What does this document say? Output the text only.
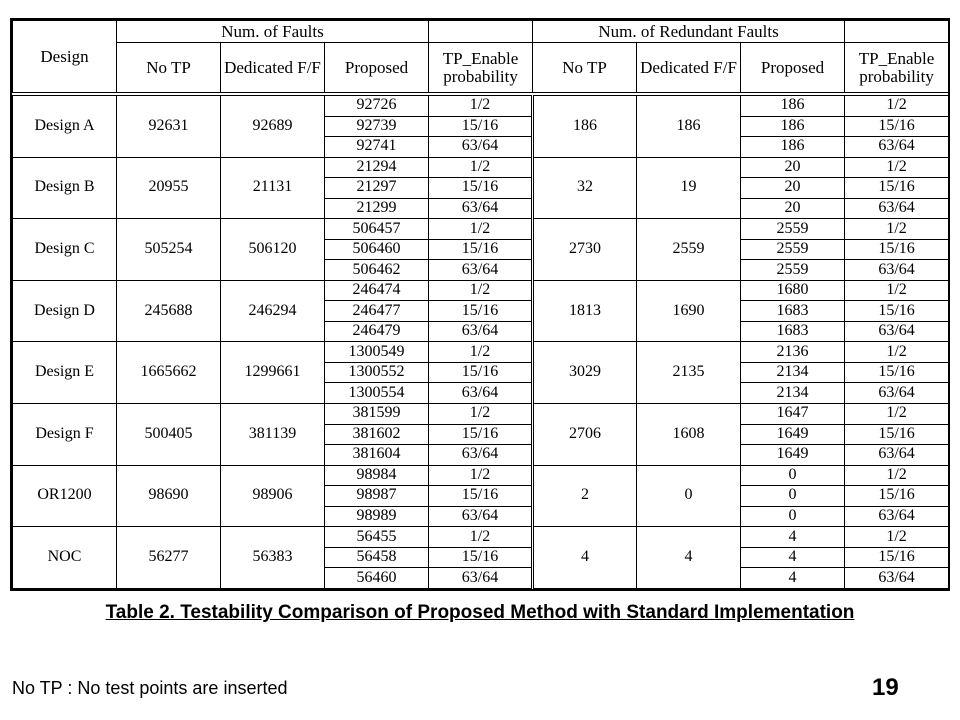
Design	Num. of Faults				Num. of Redundant Faults			
	No TP	Dedicated F/F	Proposed	TP_Enable probability	No TP	Dedicated F/F	Proposed	TP_Enable probability

Design A	92631	92689	92726	1/2	186	186	186	1/2
			92739	15/16			186	15/16
			92741	63/64			186	63/64
Design B	20955	21131	21294	1/2	32	19	20	1/2
			21297	15/16			20	15/16
			21299	63/64			20	63/64
Design C	505254	506120	506457	1/2	2730	2559	2559	1/2
			506460	15/16			2559	15/16
			506462	63/64			2559	63/64
Design D	245688	246294	246474	1/2	1813	1690	1680	1/2
			246477	15/16			1683	15/16
			246479	63/64			1683	63/64
Design E	1665662	1299661	1300549	1/2	3029	2135	2136	1/2
			1300552	15/16			2134	15/16
			1300554	63/64			2134	63/64
Design F	500405	381139	381599	1/2	2706	1608	1647	1/2
			381602	15/16			1649	15/16
			381604	63/64			1649	63/64
OR1200	98690	98906	98984	1/2	2	0	0	1/2
			98987	15/16			0	15/16
			98989	63/64			0	63/64
NOC	56277	56383	56455	1/2	4	4	4	1/2
			56458	15/16			4	15/16
			56460	63/64			4	63/64
Table 2. Testability Comparison of Proposed Method with Standard Implementation
No TP : No test points are inserted	19
